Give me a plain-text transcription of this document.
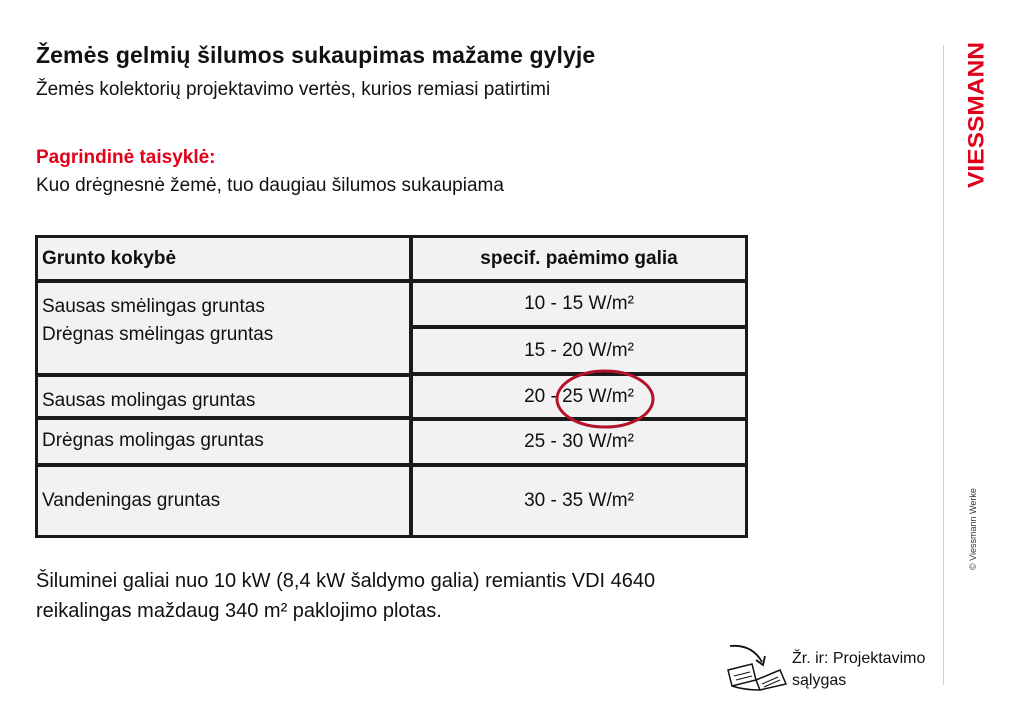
Žemės gelmių šilumos sukaupimas mažame gylyje
Žemės kolektorių projektavimo vertės, kurios remiasi patirtimi
Pagrindinė taisyklė:
Kuo drėgnesnė žemė, tuo daugiau šilumos sukaupiama
Grunto kokybė	specif. paėmimo galia
Sausas smėlingas gruntas
Drėgnas smėlingas gruntas
Sausas molingas gruntas
Drėgnas molingas gruntas
Vandeningas gruntas
10 - 15 W/m²
15 - 20 W/m²
20 - 25 W/m²
25 - 30 W/m²
30 - 35 W/m²
Šiluminei galiai nuo 10 kW (8,4 kW šaldymo galia) remiantis VDI 4640
reikalingas maždaug 340 m² paklojimo plotas.
Žr. ir: Projektavimo
sąlygas
VIESSMANN
© Viessmann Werke
